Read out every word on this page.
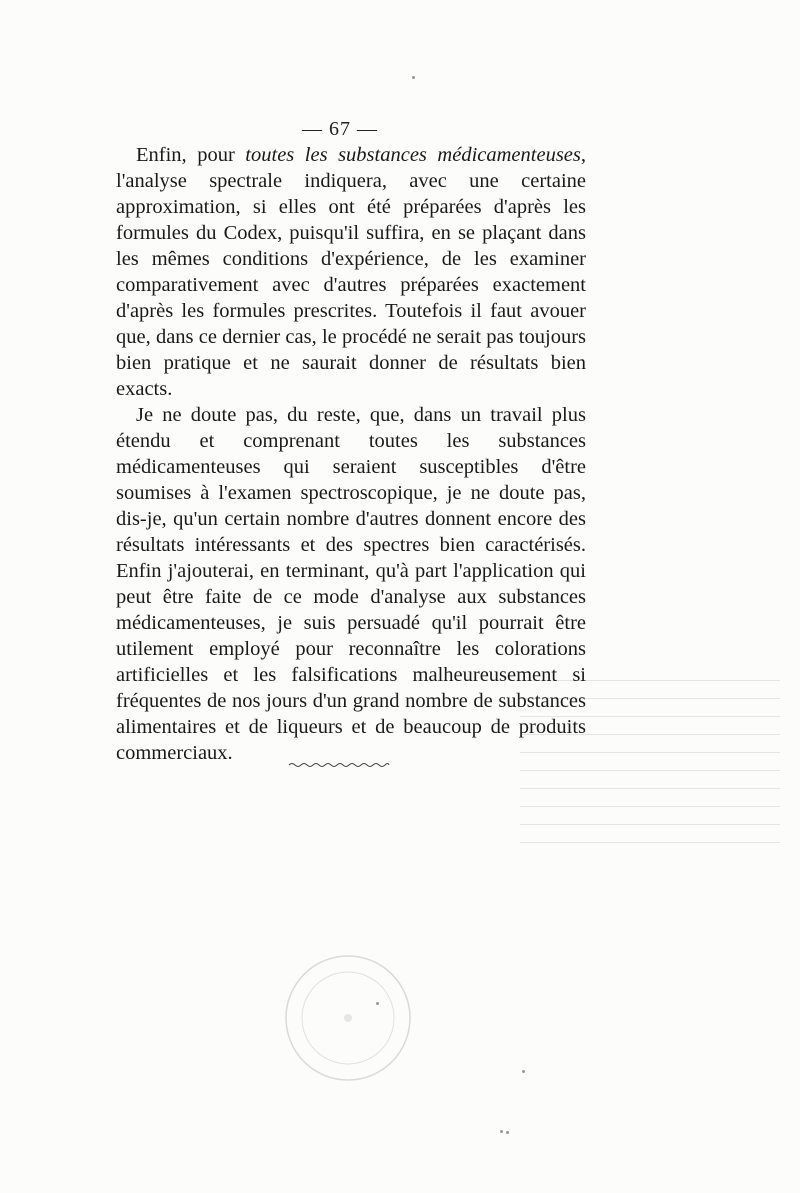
— 67 —

Enfin, pour toutes les substances médicamenteuses, l'analyse spectrale indiquera, avec une certaine approximation, si elles ont été préparées d'après les formules du Codex, puisqu'il suffira, en se plaçant dans les mêmes conditions d'expérience, de les examiner comparativement avec d'autres préparées exactement d'après les formules prescrites. Toutefois il faut avouer que, dans ce dernier cas, le procédé ne serait pas toujours bien pratique et ne saurait donner de résultats bien exacts.

Je ne doute pas, du reste, que, dans un travail plus étendu et comprenant toutes les substances médicamenteuses qui seraient susceptibles d'être soumises à l'examen spectroscopique, je ne doute pas, dis-je, qu'un certain nombre d'autres donnent encore des résultats intéressants et des spectres bien caractérisés. Enfin j'ajouterai, en terminant, qu'à part l'application qui peut être faite de ce mode d'analyse aux substances médicamenteuses, je suis persuadé qu'il pourrait être utilement employé pour reconnaître les colorations artificielles et les falsifications malheureusement si fréquentes de nos jours d'un grand nombre de substances alimentaires et de liqueurs et de beaucoup de produits commerciaux.
